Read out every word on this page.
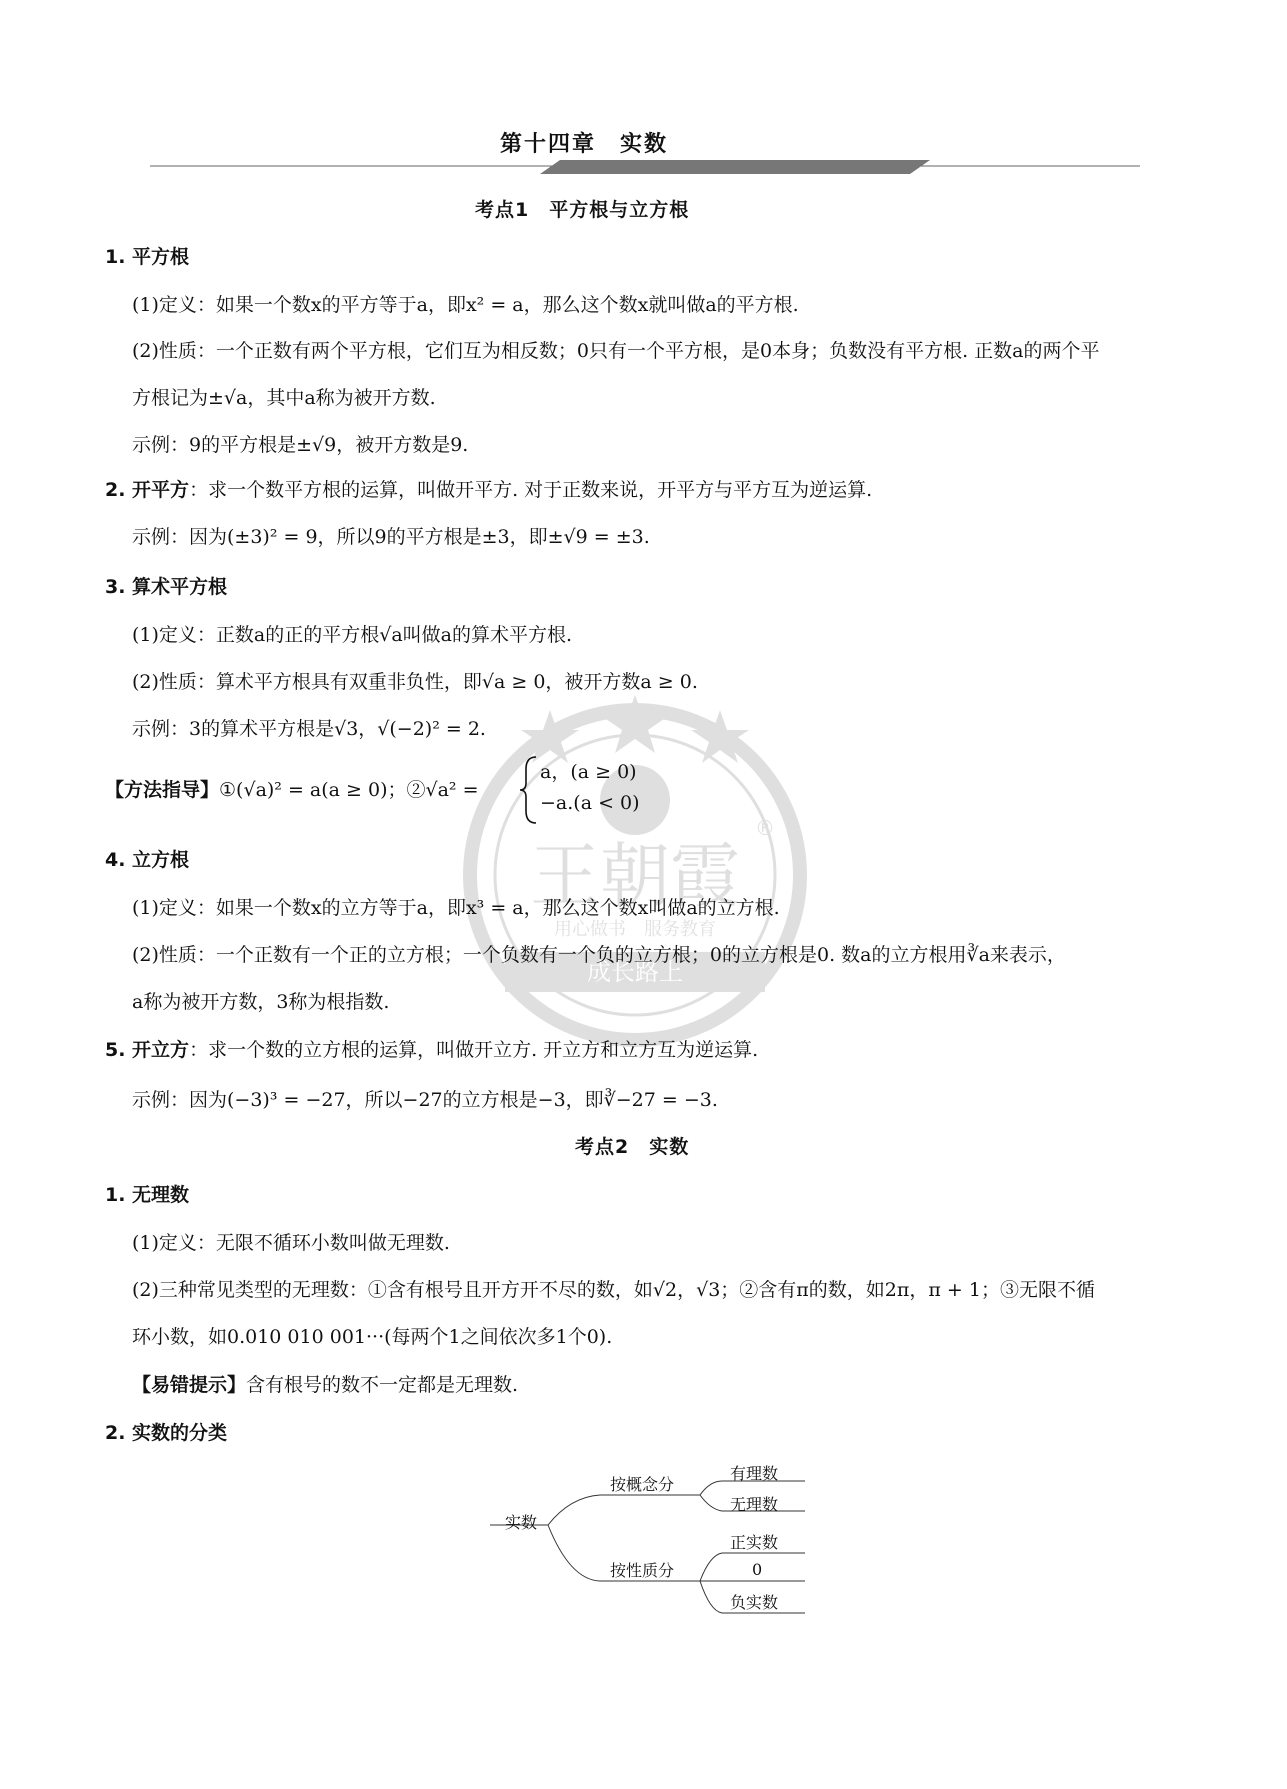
王朝霞
®
用心做书　服务教育
成长路上
第十四章　实数
考点1　平方根与立方根
1. 平方根
(1)定义：如果一个数x的平方等于a，即x² = a，那么这个数x就叫做a的平方根.
(2)性质：一个正数有两个平方根，它们互为相反数；0只有一个平方根，是0本身；负数没有平方根. 正数a的两个平
方根记为±√a，其中a称为被开方数.
示例：9的平方根是±√9，被开方数是9.
2. 开平方：求一个数平方根的运算，叫做开平方. 对于正数来说，开平方与平方互为逆运算.
示例：因为(±3)² = 9，所以9的平方根是±3，即±√9 = ±3.
3. 算术平方根
(1)定义：正数a的正的平方根√a叫做a的算术平方根.
(2)性质：算术平方根具有双重非负性，即√a ≥ 0，被开方数a ≥ 0.
示例：3的算术平方根是√3，√(−2)² = 2.
【方法指导】①(√a)² = a(a ≥ 0)；②√a² =
a，(a ≥ 0)
−a.(a < 0)
4. 立方根
(1)定义：如果一个数x的立方等于a，即x³ = a，那么这个数x叫做a的立方根.
(2)性质：一个正数有一个正的立方根；一个负数有一个负的立方根；0的立方根是0. 数a的立方根用∛a来表示，
a称为被开方数，3称为根指数.
5. 开立方：求一个数的立方根的运算，叫做开立方. 开立方和立方互为逆运算.
示例：因为(−3)³ = −27，所以−27的立方根是−3，即∛−27 = −3.
考点2　实数
1. 无理数
(1)定义：无限不循环小数叫做无理数.
(2)三种常见类型的无理数：①含有根号且开方开不尽的数，如√2，√3；②含有π的数，如2π，π + 1；③无限不循
环小数，如0.010 010 001···(每两个1之间依次多1个0).
【易错提示】含有根号的数不一定都是无理数.
2. 实数的分类
实数
按概念分
按性质分
有理数
无理数
正实数
0
负实数
